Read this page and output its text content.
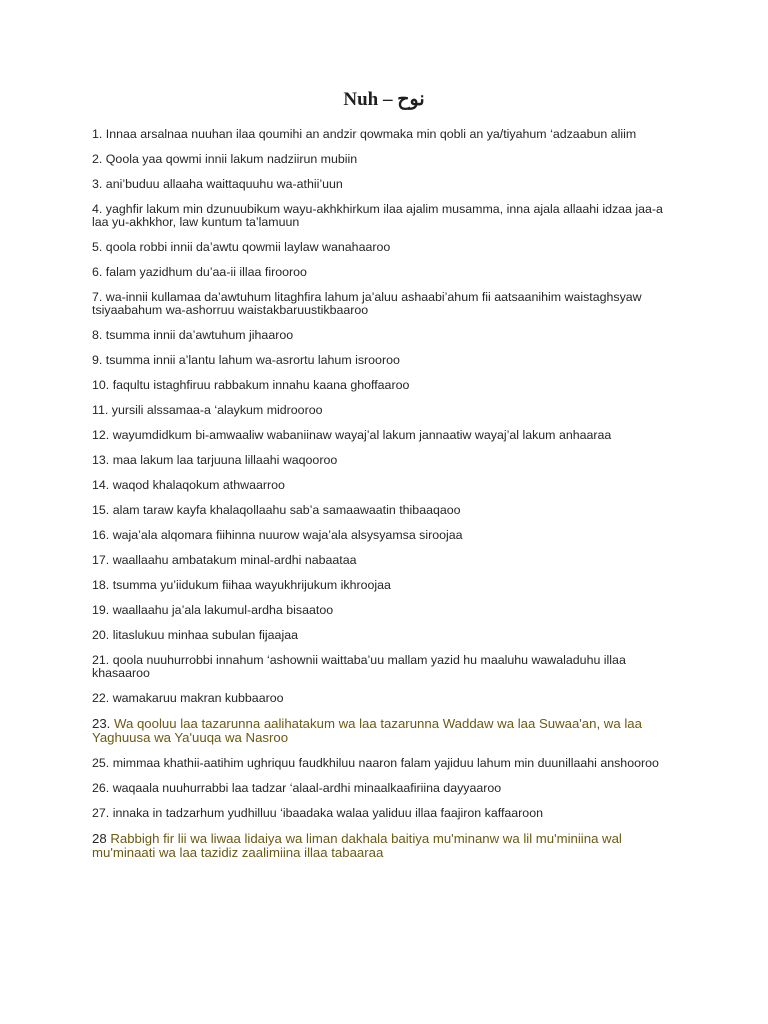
Nuh – نوح
1. Innaa arsalnaa nuuhan ilaa qoumihi an andzir qowmaka min qobli an ya/tiyahum ‘adzaabun aliim
2. Qoola yaa qowmi innii lakum nadziirun mubiin
3. ani’buduu allaaha waittaquuhu wa-athii’uun
4. yaghfir lakum min dzunuubikum wayu-akhkhirkum ilaa ajalim musamma, inna ajala allaahi idzaa jaa-a laa yu-akhkhor, law kuntum ta’lamuun
5. qoola robbi innii da’awtu qowmii laylaw wanahaaroo
6. falam yazidhum du’aa-ii illaa firooroo
7. wa-innii kullamaa da’awtuhum litaghfira lahum ja’aluu ashaabi’ahum fii aatsaanihim waistaghsyaw tsiyaabahum wa-ashorruu waistakbaruustikbaaroo
8. tsumma innii da’awtuhum jihaaroo
9. tsumma innii a’lantu lahum wa-asrortu lahum isrooroo
10. faqultu istaghfiruu rabbakum innahu kaana ghoffaaroo
11. yursili alssamaa-a ‘alaykum midrooroo
12. wayumdidkum bi-amwaaliw wabaniinaw wayaj’al lakum jannaatiw wayaj’al lakum anhaaraa
13. maa lakum laa tarjuuna lillaahi waqooroo
14. waqod khalaqokum athwaarroo
15. alam taraw kayfa khalaqollaahu sab’a samaawaatin thibaaqaoo
16. waja’ala alqomara fiihinna nuurow waja’ala alsysyamsa siroojaa
17. waallaahu ambatakum minal-ardhi nabaataa
18. tsumma yu’iidukum fiihaa wayukhrijukum ikhroojaa
19. waallaahu ja’ala lakumul-ardha bisaatoo
20. litaslukuu minhaa subulan fijaajaa
21. qoola nuuhurrobbi innahum ‘ashownii waittaba’uu mallam yazid hu maaluhu wawaladuhu illaa khasaaroo
22. wamakaruu makran kubbaaroo
23. Wa qooluu laa tazarunna aalihatakum wa laa tazarunna Waddaw wa laa Suwaa'an, wa laa Yaghuusa wa Ya'uuqa wa Nasroo
25. mimmaa khathii-aatihim ughriquu faudkhiluu naaron falam yajiduu lahum min duunillaahi anshooroo
26. waqaala nuuhurrabbi laa tadzar ‘alaal-ardhi minaalkaafiriina dayyaaroo
27. innaka in tadzarhum yudhilluu ‘ibaadaka walaa yaliduu illaa faajiron kaffaaroon
28 Rabbigh fir lii wa liwaa lidaiya wa liman dakhala baitiya mu'minanw wa lil mu'miniina wal mu'minaati wa laa tazidiz zaalimiina illaa tabaaraa
